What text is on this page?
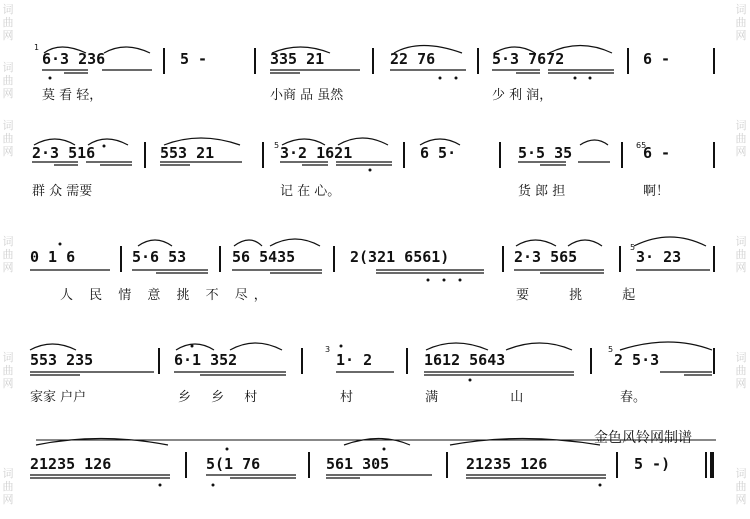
词
曲
网
词
曲
网
词
曲
网
词
曲
网
词
曲
网
词
曲
网
词
曲
网
词
曲
网
词
曲
网
词
曲
网
词
曲
网
1
5	65
5
3	5
6·3 236	5 -	335 21	22 76	5·3 7672	6 -
莫 看 轻，	小商 品 虽然	少 利 润，
2·3 516	553 21	3·2 1621	6 5·	5·5 35	6 -
群 众 需要	记 在 心。	货 郎 担	啊！
0 1 6	5·6 53	56 5435	2(321 6561)	2·3 565	3· 23
人 民 情 意 挑 不 尽，	要 挑 起
553 235	6·1 352	1· 2	1612 5643	2 5·3
家家 户户	乡 乡 村	村 满 山	春。
金色风铃网制谱
21235 126	5(1 76	561 305	21235 126	5 -)
